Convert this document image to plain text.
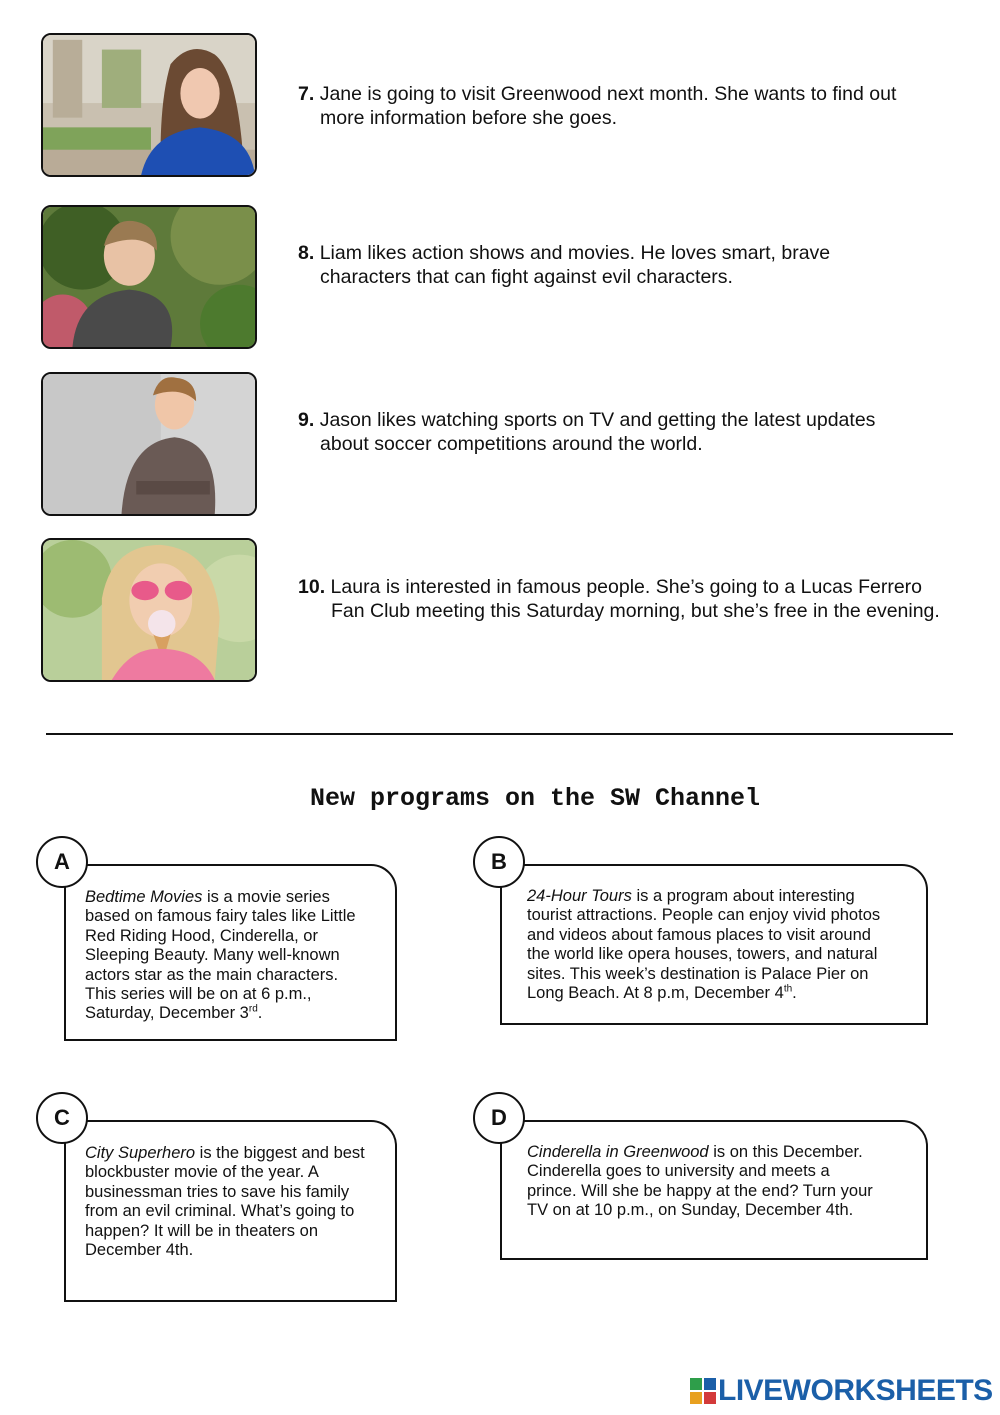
7. Jane is going to visit Greenwood next month. She wants to find out
more information before she goes.
8. Liam likes action shows and movies. He loves smart, brave
characters that can fight against evil characters.
9. Jason likes watching sports on TV and getting the latest updates
about soccer competitions around the world.
10. Laura is interested in famous people. She’s going to a Lucas Ferrero
Fan Club meeting this Saturday morning, but she’s free in the evening.
New programs on the SW Channel
Bedtime Movies is a movie series
based on famous fairy tales like Little
Red Riding Hood, Cinderella, or
Sleeping Beauty. Many well-known
actors star as the main characters.
This series will be on at 6 p.m.,
Saturday, December 3rd.
A
24-Hour Tours is a program about interesting
tourist attractions. People can enjoy vivid photos
and videos about famous places to visit around
the world like opera houses, towers, and natural
sites. This week’s destination is Palace Pier on
Long Beach. At 8 p.m, December 4th.
B
City Superhero is the biggest and best
blockbuster movie of the year. A
businessman tries to save his family
from an evil criminal. What’s going to
happen? It will be in theaters on
December 4th.
C
Cinderella in Greenwood is on this December.
Cinderella goes to university and meets a
prince. Will she be happy at the end? Turn your
TV on at 10 p.m., on Sunday, December 4th.
D
LIVEWORKSHEETS
